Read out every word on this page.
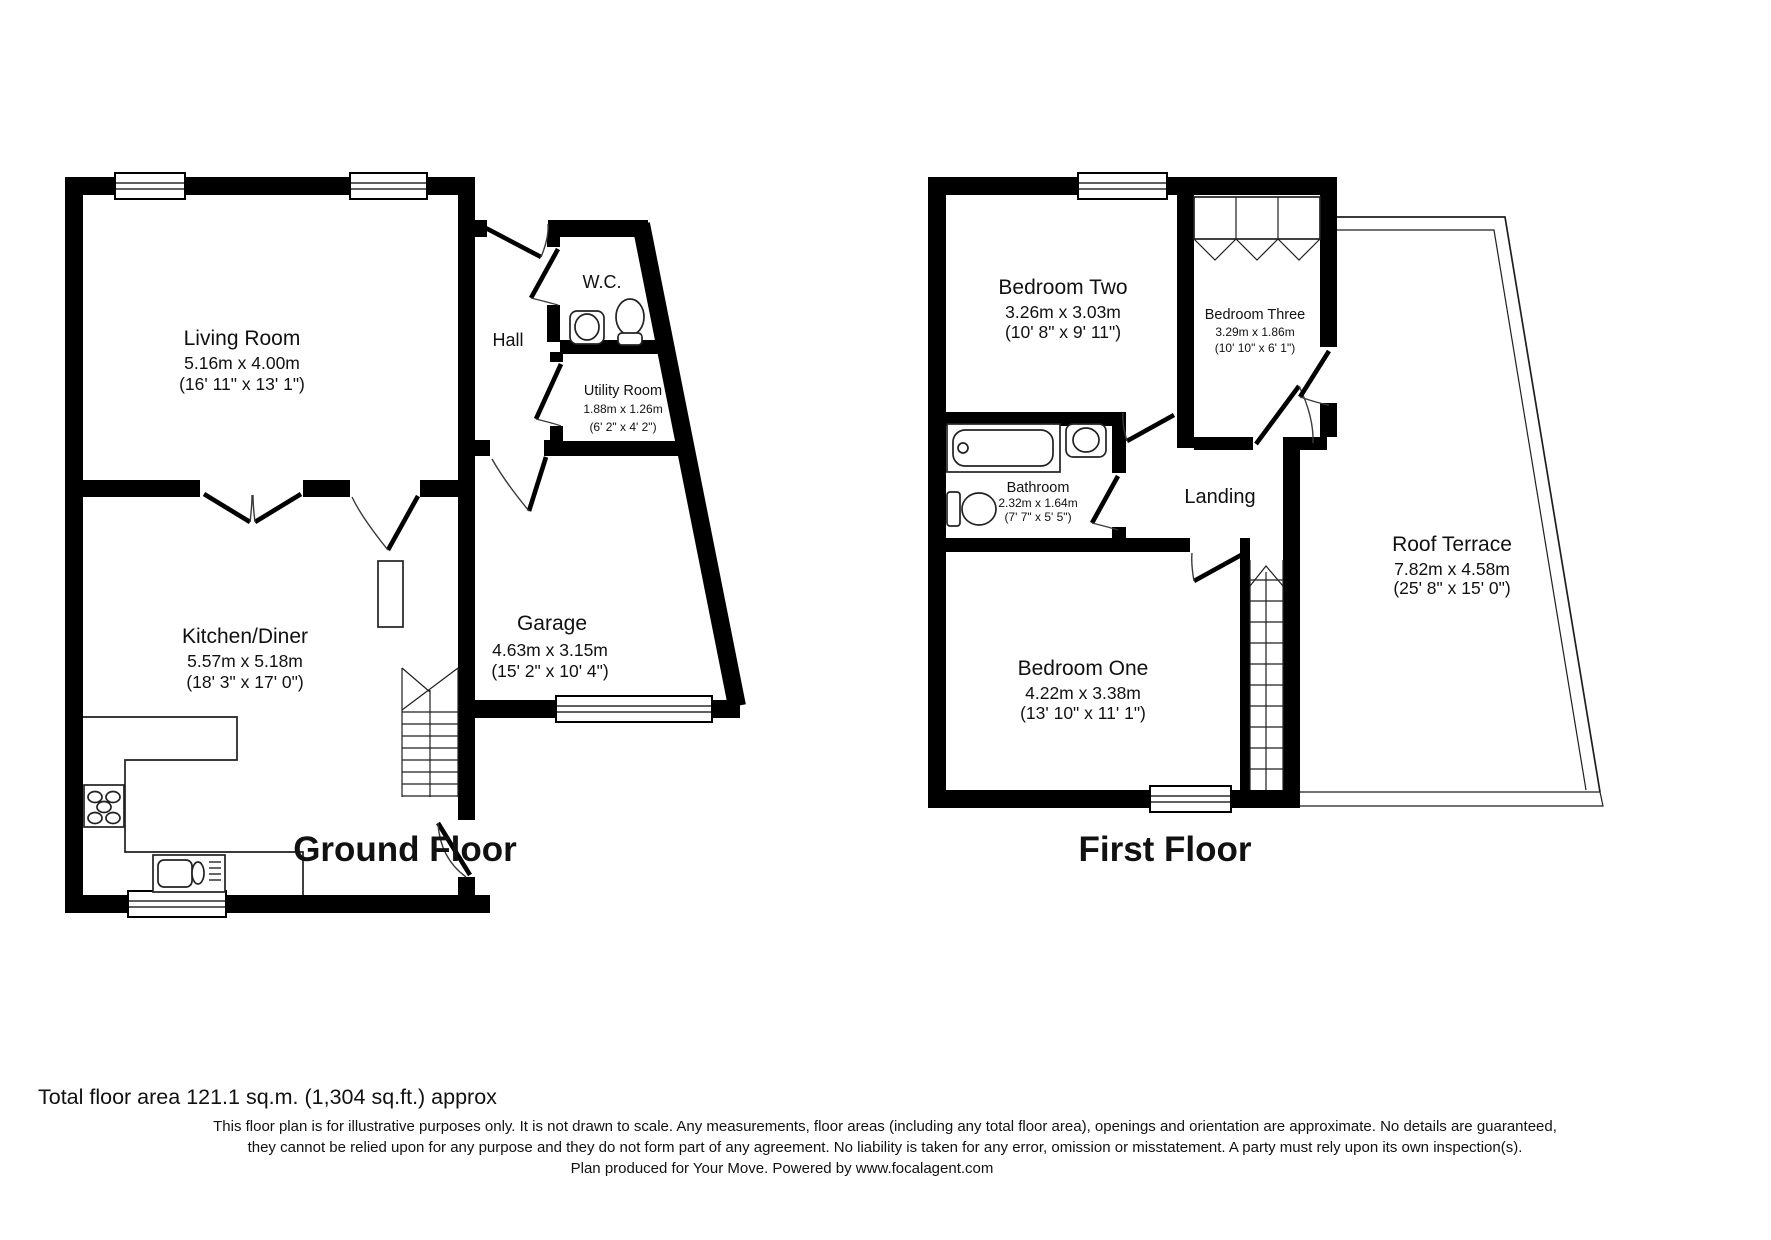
Living Room
5.16m x 4.00m
(16' 11" x 13' 1")
Kitchen/Diner
5.57m x 5.18m
(18' 3" x 17' 0")
Garage
4.63m x 3.15m
(15' 2" x 10' 4")
Utility Room
1.88m x 1.26m
(6' 2" x 4' 2")
W.C.
Hall
Ground Floor
Bedroom Two
3.26m x 3.03m
(10' 8" x 9' 11")
Bedroom Three
3.29m x 1.86m
(10' 10" x 6' 1")
Bathroom
2.32m x 1.64m
(7' 7" x 5' 5")
Landing
Bedroom One
4.22m x 3.38m
(13' 10" x 11' 1")
Roof Terrace
7.82m x 4.58m
(25' 8" x 15' 0")
First Floor
Total floor area 121.1 sq.m. (1,304 sq.ft.) approx
This floor plan is for illustrative purposes only. It is not drawn to scale. Any measurements, floor areas (including any total floor area), openings and orientation are approximate. No details are guaranteed,
they cannot be relied upon for any purpose and they do not form part of any agreement. No liability is taken for any error, omission or misstatement. A party must rely upon its own inspection(s).
Plan produced for Your Move. Powered by www.focalagent.com
